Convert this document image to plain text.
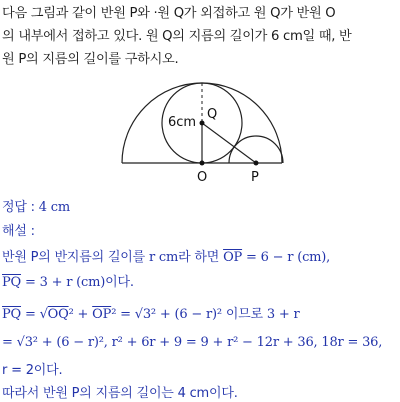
다음 그림과 같이 반원 P와 ·원 Q가 외접하고 원 Q가 반원 O
의 내부에서 접하고 있다. 원 Q의 지름의 길이가 6 cm일 때, 반
원 P의 지름의 길이를 구하시오.
6cm
Q
O	P
정답 : 4 cm
해설 :
반원 P의 반지름의 길이를 r cm라 하면 $\overline{OP} = 6 - r$ (cm),
$\overline{PQ} = 3 + r$ (cm)이다.
$\overline{PQ} = √OQ^2 + \overline{OP}^2 = √3^2 + (6 - r)^2$ 이므로 3 + r
= √3² + (6 − r)², r² + 6r + 9 = 9 + r² − 12r + 36, 18r = 36,
r = 2이다.
따라서 반원 P의 지름의 길이는 4 cm이다.
